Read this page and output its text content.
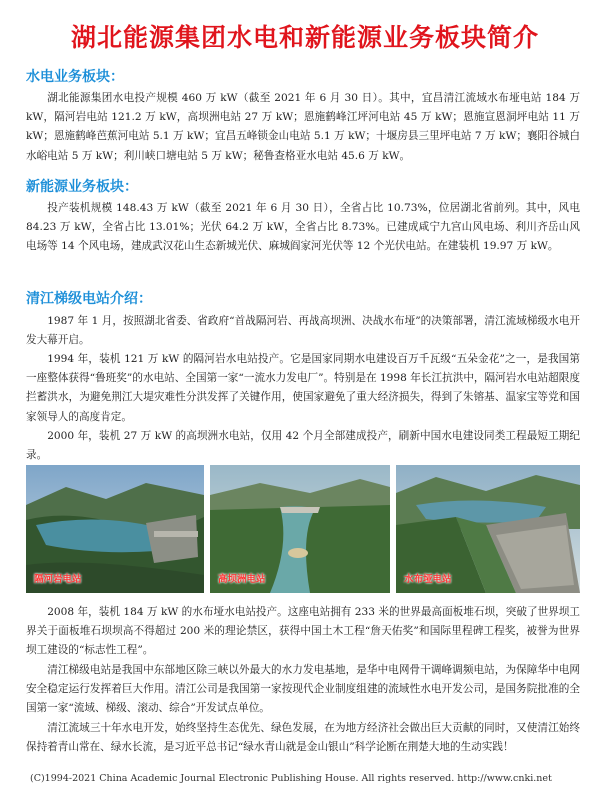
湖北能源集团水电和新能源业务板块简介
水电业务板块：

湖北能源集团水电投产规模 460 万 kW（截至 2021 年 6 月 30 日）。其中，宜昌清江流域水布垭电站 184 万 kW，隔河岩电站 121.2 万 kW，高坝洲电站 27 万 kW；恩施鹤峰江坪河电站 45 万 kW；恩施宣恩洞坪电站 11 万 kW；恩施鹤峰芭蕉河电站 5.1 万 kW；宜昌五峰锁金山电站 5.1 万 kW；十堰房县三里坪电站 7 万 kW；襄阳谷城白水峪电站 5 万 kW；利川峡口塘电站 5 万 kW；秘鲁查格亚水电站 45.6 万 kW。

新能源业务板块：

投产装机规模 148.43 万 kW（截至 2021 年 6 月 30 日），全省占比 10.73%，位居湖北省前列。其中，风电 84.23 万 kW，全省占比 13.01%；光伏 64.2 万 kW，全省占比 8.73%。已建成咸宁九宫山风电场、利川齐岳山风电场等 14 个风电场，建成武汉花山生态新城光伏、麻城阎家河光伏等 12 个光伏电站。在建装机 19.97 万 kW。

清江梯级电站介绍：

1987 年 1 月，按照湖北省委、省政府“首战隔河岩、再战高坝洲、决战水布垭”的决策部署，清江流域梯级水电开发大幕开启。

1994 年，装机 121 万 kW 的隔河岩水电站投产。它是国家同期水电建设百万千瓦级“五朵金花”之一，是我国第一座整体获得“鲁班奖”的水电站、全国第一家“一流水力发电厂”。特别是在 1998 年长江抗洪中，隔河岩水电站超限度拦蓄洪水，为避免荆江大堤灾难性分洪发挥了关键作用，使国家避免了重大经济损失，得到了朱镕基、温家宝等党和国家领导人的高度肯定。

2000 年，装机 27 万 kW 的高坝洲水电站，仅用 42 个月全部建成投产，刷新中国水电建设同类工程最短工期纪录。

隔河岩电站	高坝洲电站	水布垭电站

2008 年，装机 184 万 kW 的水布垭水电站投产。这座电站拥有 233 米的世界最高面板堆石坝，突破了世界坝工界关于面板堆石坝坝高不得超过 200 米的理论禁区，获得中国土木工程“詹天佑奖”和国际里程碑工程奖，被誉为世界坝工建设的“标志性工程”。

清江梯级电站是我国中东部地区除三峡以外最大的水力发电基地，是华中电网骨干调峰调频电站，为保障华中电网安全稳定运行发挥着巨大作用。清江公司是我国第一家按现代企业制度组建的流域性水电开发公司，是国务院批准的全国第一家“流域、梯级、滚动、综合”开发试点单位。

清江流域三十年水电开发，始终坚持生态优先、绿色发展，在为地方经济社会做出巨大贡献的同时，又使清江始终保持着青山常在、绿水长流，是习近平总书记“绿水青山就是金山银山”科学论断在荆楚大地的生动实践！

(C)1994-2021 China Academic Journal Electronic Publishing House. All rights reserved. http://www.cnki.net
